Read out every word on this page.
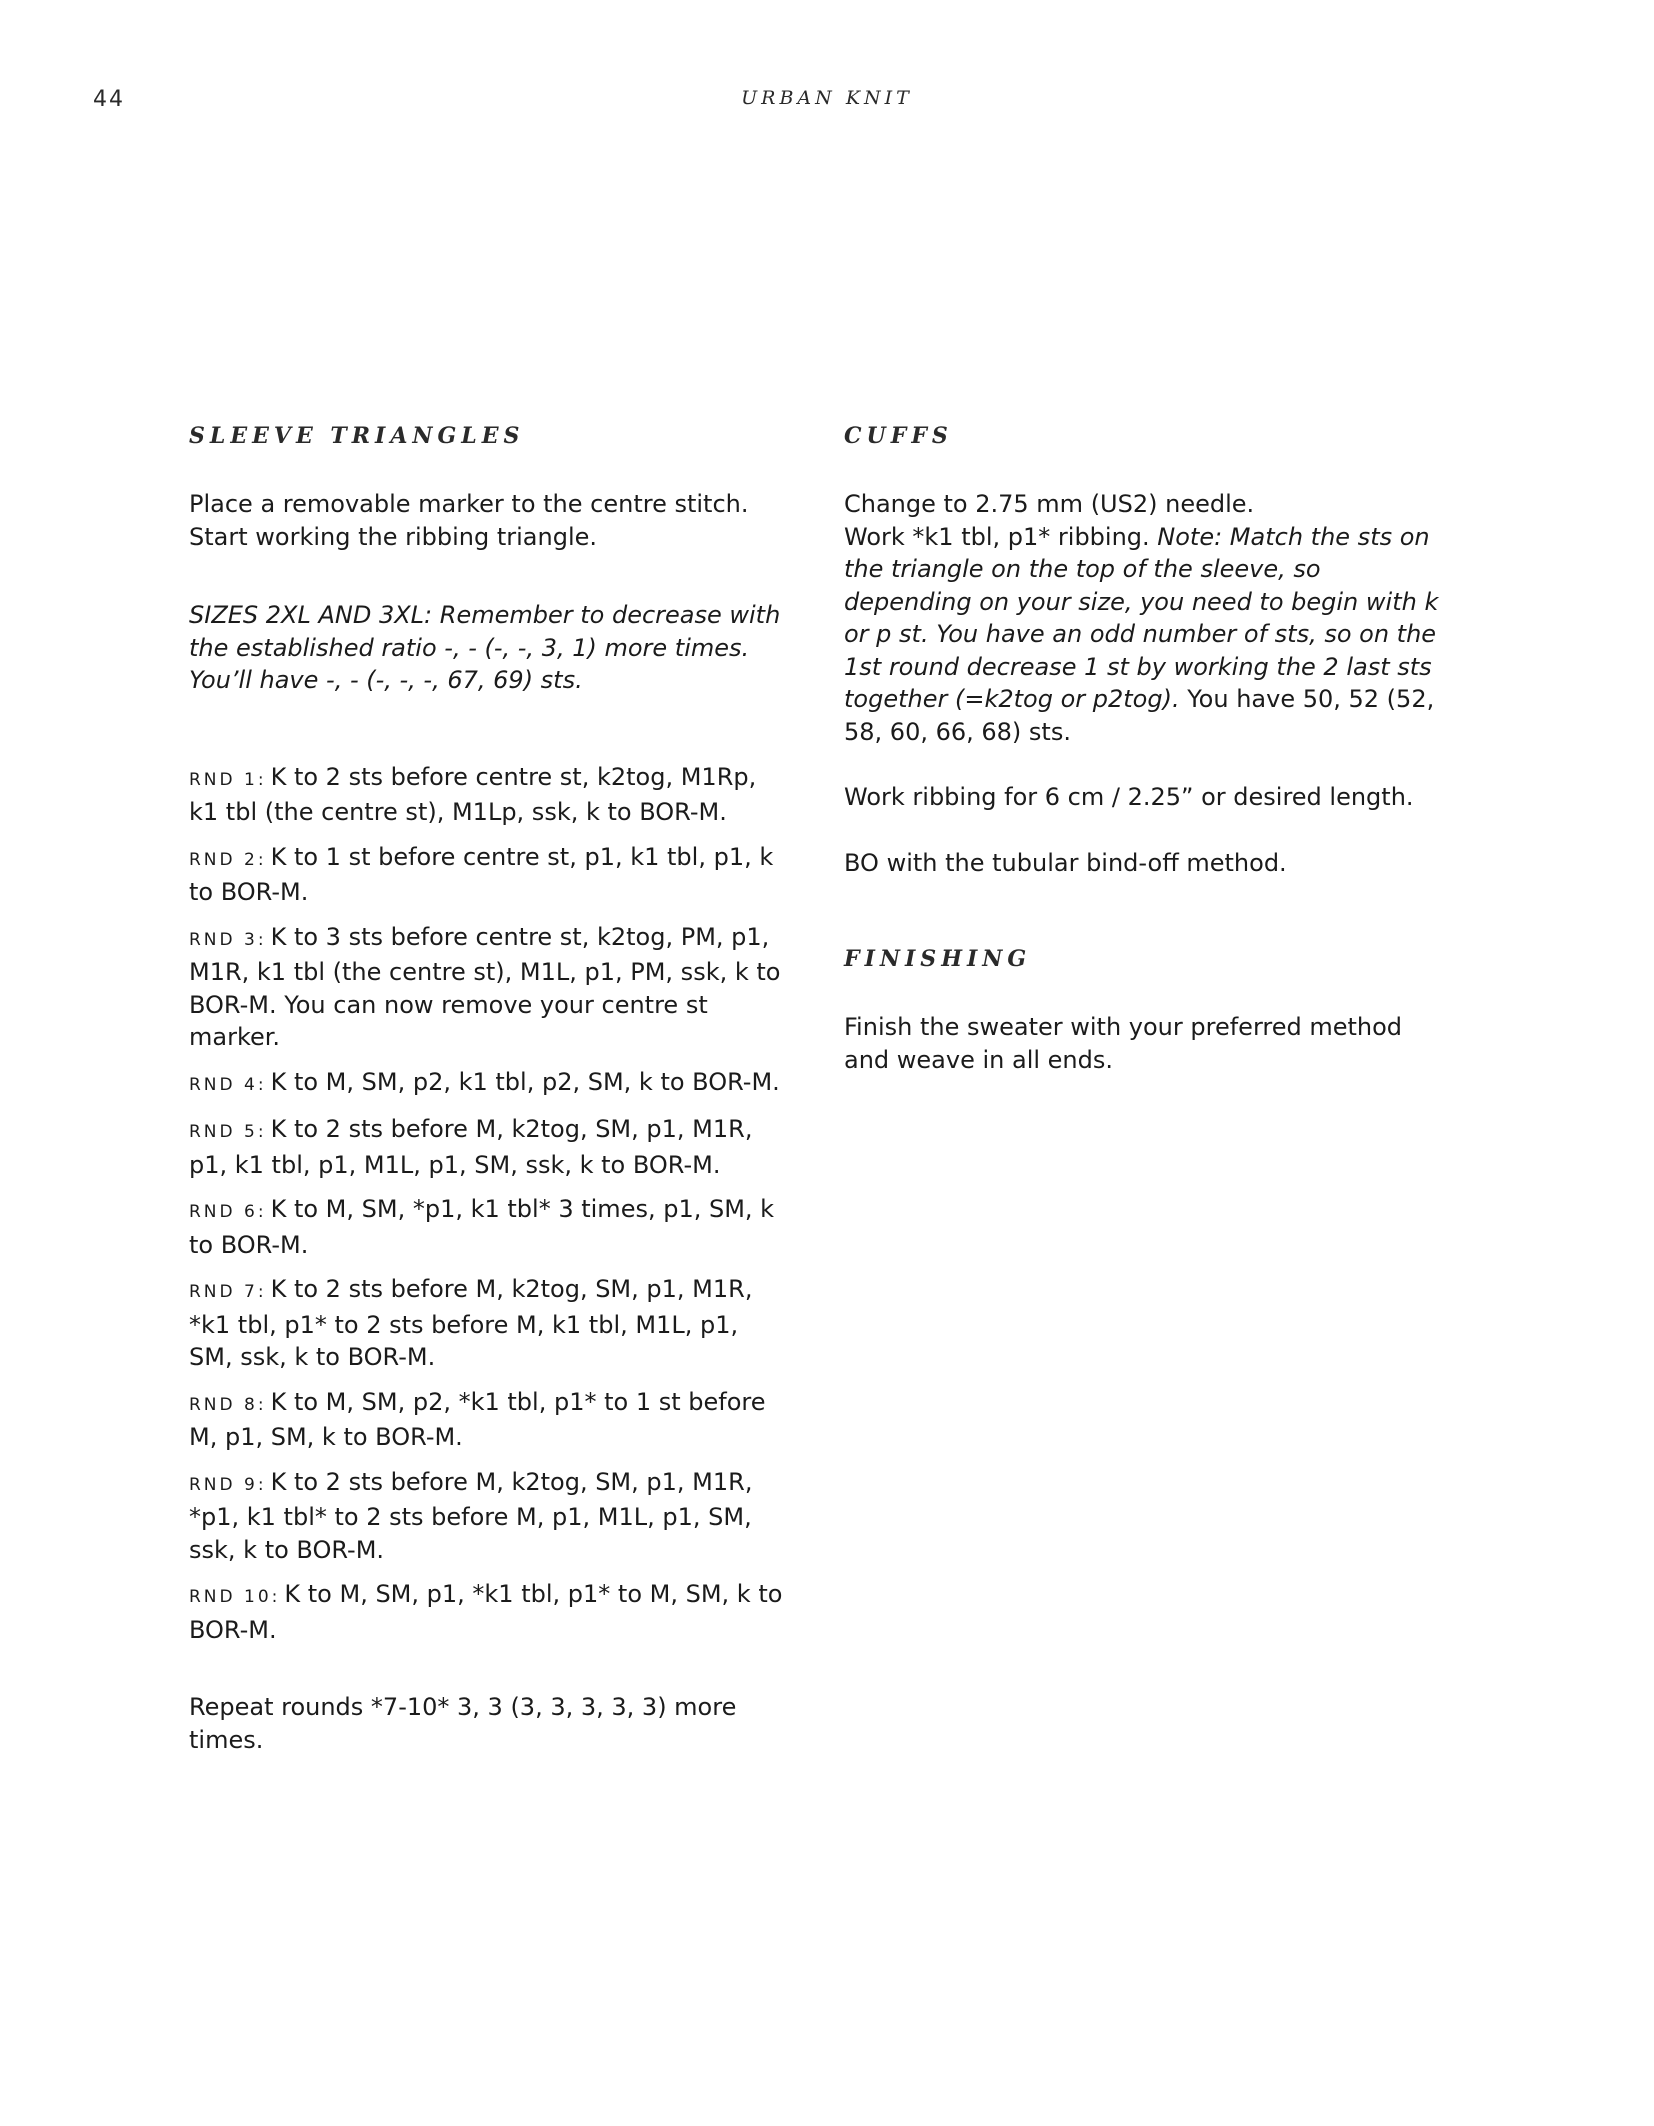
44	URBAN KNIT
SLEEVE TRIANGLES

Place a removable marker to the centre stitch. Start working the ribbing triangle.

SIZES 2XL AND 3XL: Remember to decrease with the established ratio -, - (-, -, 3, 1) more times. You’ll have -, - (-, -, -, 67, 69) sts.

RND 1: K to 2 sts before centre st, k2tog, M1Rp, k1 tbl (the centre st), M1Lp, ssk, k to BOR-M.

RND 2: K to 1 st before centre st, p1, k1 tbl, p1, k to BOR-M.

RND 3: K to 3 sts before centre st, k2tog, PM, p1, M1R, k1 tbl (the centre st), M1L, p1, PM, ssk, k to BOR-M. You can now remove your centre st marker.

RND 4: K to M, SM, p2, k1 tbl, p2, SM, k to BOR-M.

RND 5: K to 2 sts before M, k2tog, SM, p1, M1R, p1, k1 tbl, p1, M1L, p1, SM, ssk, k to BOR-M.

RND 6: K to M, SM, *p1, k1 tbl* 3 times, p1, SM, k to BOR-M.

RND 7: K to 2 sts before M, k2tog, SM, p1, M1R, *k1 tbl, p1* to 2 sts before M, k1 tbl, M1L, p1, SM, ssk, k to BOR-M.

RND 8: K to M, SM, p2, *k1 tbl, p1* to 1 st before M, p1, SM, k to BOR-M.

RND 9: K to 2 sts before M, k2tog, SM, p1, M1R, *p1, k1 tbl* to 2 sts before M, p1, M1L, p1, SM, ssk, k to BOR-M.

RND 10: K to M, SM, p1, *k1 tbl, p1* to M, SM, k to BOR-M.

Repeat rounds *7-10* 3, 3 (3, 3, 3, 3, 3) more times.

CUFFS

Change to 2.75 mm (US2) needle.

Work *k1 tbl, p1* ribbing. Note: Match the sts on the triangle on the top of the sleeve, so depending on your size, you need to begin with k or p st. You have an odd number of sts, so on the 1st round decrease 1 st by working the 2 last sts together (=k2tog or p2tog). You have 50, 52 (52, 58, 60, 66, 68) sts.

Work ribbing for 6 cm / 2.25” or desired length.

BO with the tubular bind-off method.

FINISHING

Finish the sweater with your preferred method and weave in all ends.
